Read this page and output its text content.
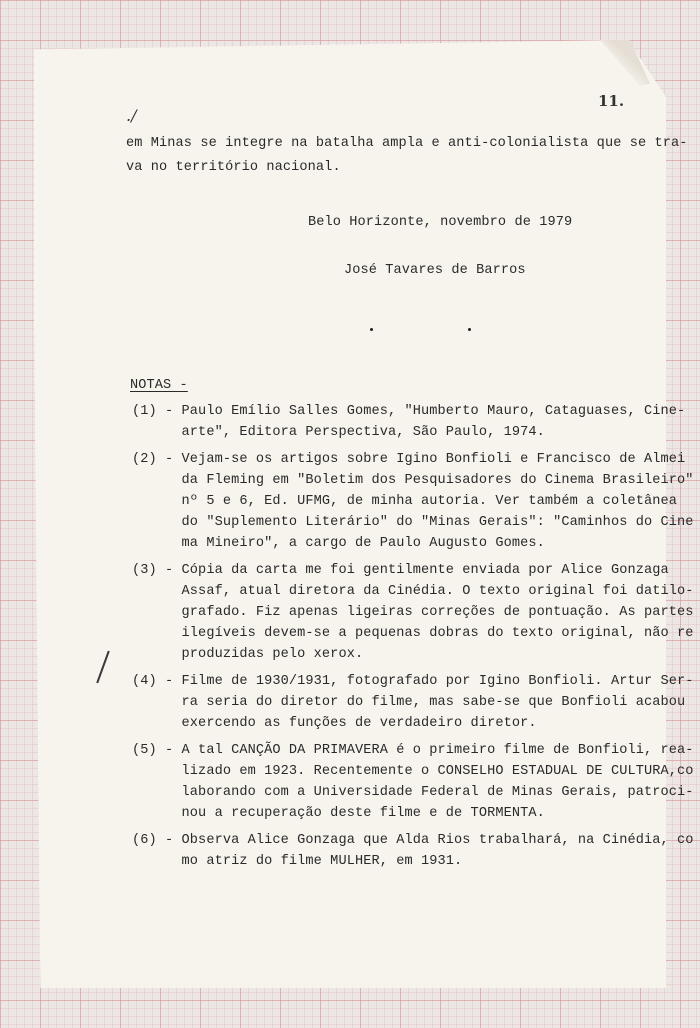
./
11.
em Minas se integre na batalha ampla e anti-colonialista que se tra-
va no território nacional.
Belo Horizonte, novembro de 1979
José Tavares de Barros
NOTAS -
(1) - Paulo Emílio Salles Gomes, "Humberto Mauro, Cataguases, Cine-
arte", Editora Perspectiva, São Paulo, 1974.
(2) - Vejam-se os artigos sobre Igino Bonfioli e Francisco de Almei
da Fleming em "Boletim dos Pesquisadores do Cinema Brasileiro"
nº 5 e 6, Ed. UFMG, de minha autoria. Ver também a coletânea
do "Suplemento Literário" do "Minas Gerais": "Caminhos do Cine
ma Mineiro", a cargo de Paulo Augusto Gomes.
(3) - Cópia da carta me foi gentilmente enviada por Alice Gonzaga
Assaf, atual diretora da Cinédia. O texto original foi datilo-
grafado. Fiz apenas ligeiras correções de pontuação. As partes
ilegíveis devem-se a pequenas dobras do texto original, não re
produzidas pelo xerox.
(4) - Filme de 1930/1931, fotografado por Igino Bonfioli. Artur Ser-
ra seria do diretor do filme, mas sabe-se que Bonfioli acabou
exercendo as funções de verdadeiro diretor.
(5) - A tal CANÇÃO DA PRIMAVERA é o primeiro filme de Bonfioli, rea-
lizado em 1923. Recentemente o CONSELHO ESTADUAL DE CULTURA,co
laborando com a Universidade Federal de Minas Gerais, patroci-
nou a recuperação deste filme e de TORMENTA.
(6) - Observa Alice Gonzaga que Alda Rios trabalhará, na Cinédia, co
mo atriz do filme MULHER, em 1931.
